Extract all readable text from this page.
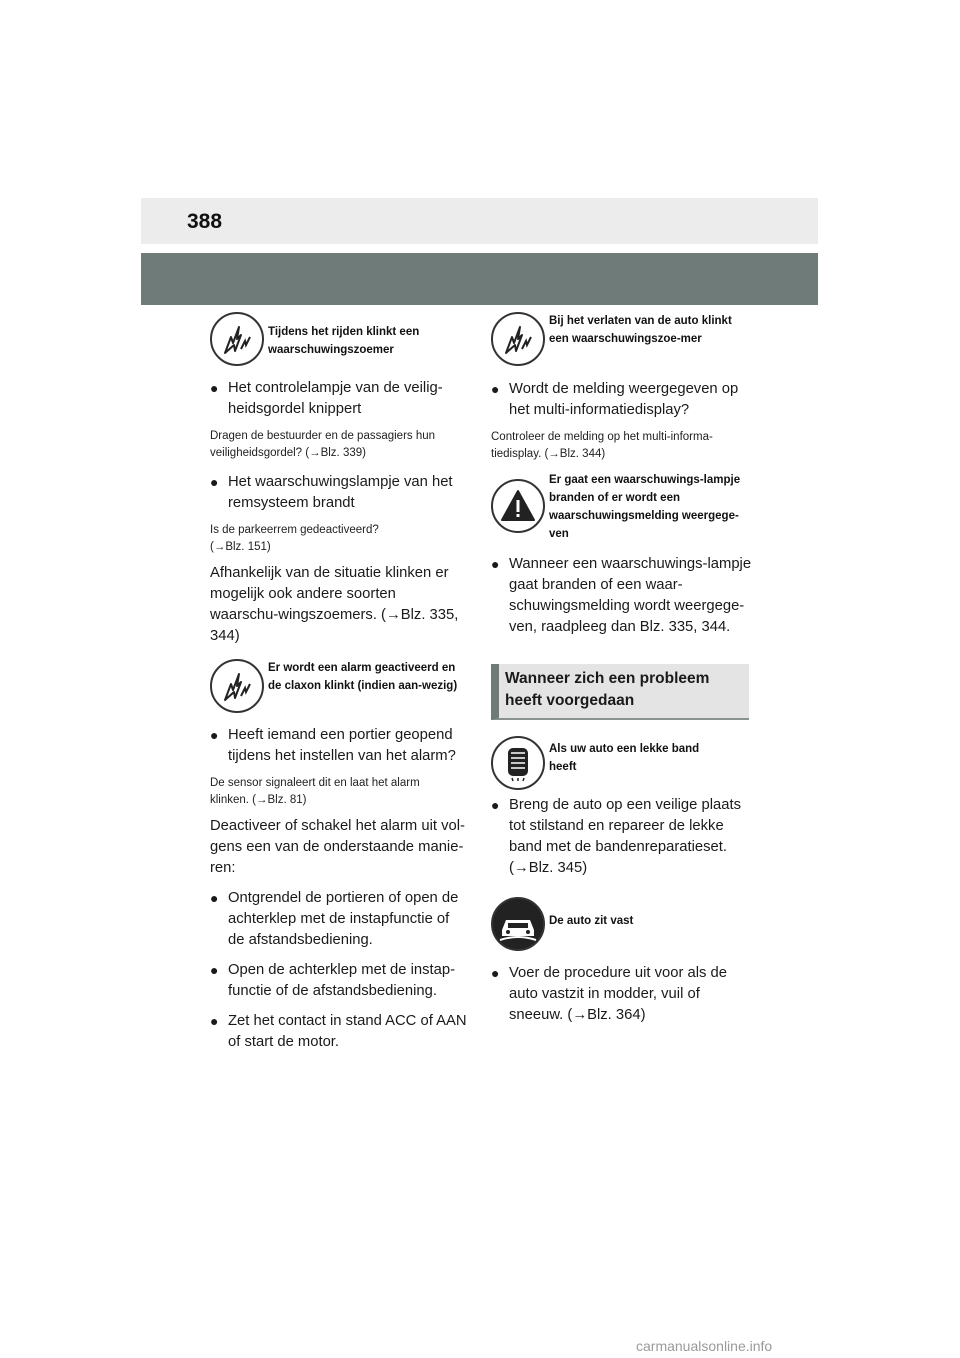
388
Tijdens het rijden klinkt een waarschuwingszoemer
● Het controlelampje van de veilig-heidsgordel knippert
Dragen de bestuurder en de passagiers hun veiligheidsgordel? (→Blz. 339)
● Het waarschuwingslampje van het remsysteem brandt
Is de parkeerrem gedeactiveerd? (→Blz. 151)
Afhankelijk van de situatie klinken er mogelijk ook andere soorten waarschu-wingszoemers. (→Blz. 335, 344)
Er wordt een alarm geactiveerd en de claxon klinkt (indien aan-wezig)
● Heeft iemand een portier geopend tijdens het instellen van het alarm?
De sensor signaleert dit en laat het alarm klinken. (→Blz. 81)
Deactiveer of schakel het alarm uit vol-gens een van de onderstaande manie-ren:
● Ontgrendel de portieren of open de achterklep met de instapfunctie of de afstandsbediening.
● Open de achterklep met de instap-functie of de afstandsbediening.
● Zet het contact in stand ACC of AAN of start de motor.
Bij het verlaten van de auto klinkt een waarschuwingszoe-mer
● Wordt de melding weergegeven op het multi-informatiedisplay?
Controleer de melding op het multi-informa-tiedisplay. (→Blz. 344)
Er gaat een waarschuwings-lampje branden of er wordt een waarschuwingsmelding weergege-ven
● Wanneer een waarschuwings-lampje gaat branden of een waar-schuwingsmelding wordt weergege-ven, raadpleeg dan Blz. 335, 344.
Wanneer zich een probleem heeft voorgedaan
Als uw auto een lekke band heeft
● Breng de auto op een veilige plaats tot stilstand en repareer de lekke band met de bandenreparatieset. (→Blz. 345)
De auto zit vast
● Voer de procedure uit voor als de auto vastzit in modder, vuil of sneeuw. (→Blz. 364)
carmanualsonline.info
